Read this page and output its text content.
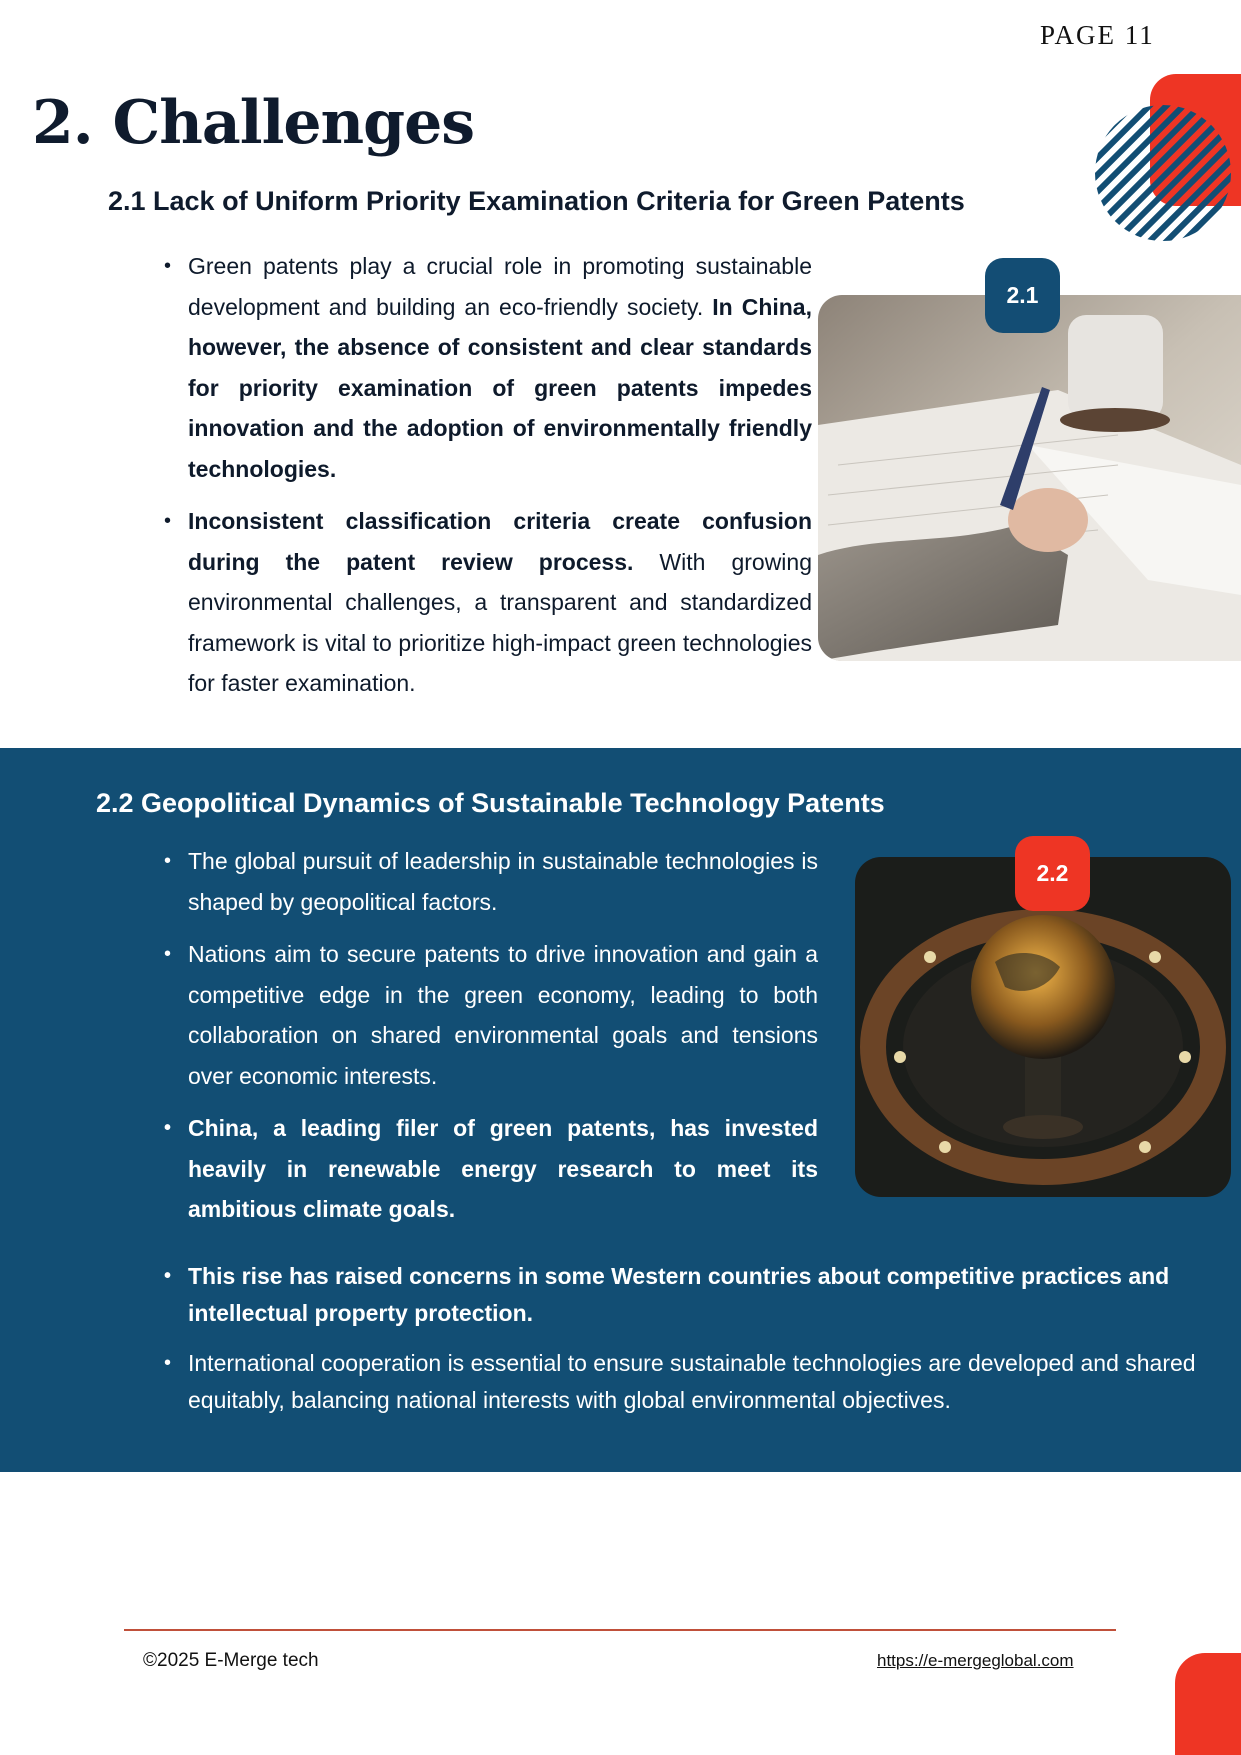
PAGE 11
2. Challenges
2.1 Lack of Uniform Priority Examination Criteria for Green Patents
• Green patents play a crucial role in promoting sustainable development and building an eco-friendly society. In China, however, the absence of consistent and clear standards for priority examination of green patents impedes innovation and the adoption of environmentally friendly technologies.
• Inconsistent classification criteria create confusion during the patent review process. With growing environmental challenges, a transparent and standardized framework is vital to prioritize high-impact green technologies for faster examination.
2.1
2.2 Geopolitical Dynamics of Sustainable Technology Patents
• The global pursuit of leadership in sustainable technologies is shaped by geopolitical factors.
• Nations aim to secure patents to drive innovation and gain a competitive edge in the green economy, leading to both collaboration on shared environmental goals and tensions over economic interests.
• China, a leading filer of green patents, has invested heavily in renewable energy research to meet its ambitious climate goals.
• This rise has raised concerns in some Western countries about competitive practices and intellectual property protection.
• International cooperation is essential to ensure sustainable technologies are developed and shared equitably, balancing national interests with global environmental objectives.
2.2
©2025 E-Merge tech	https://e-mergeglobal.com
